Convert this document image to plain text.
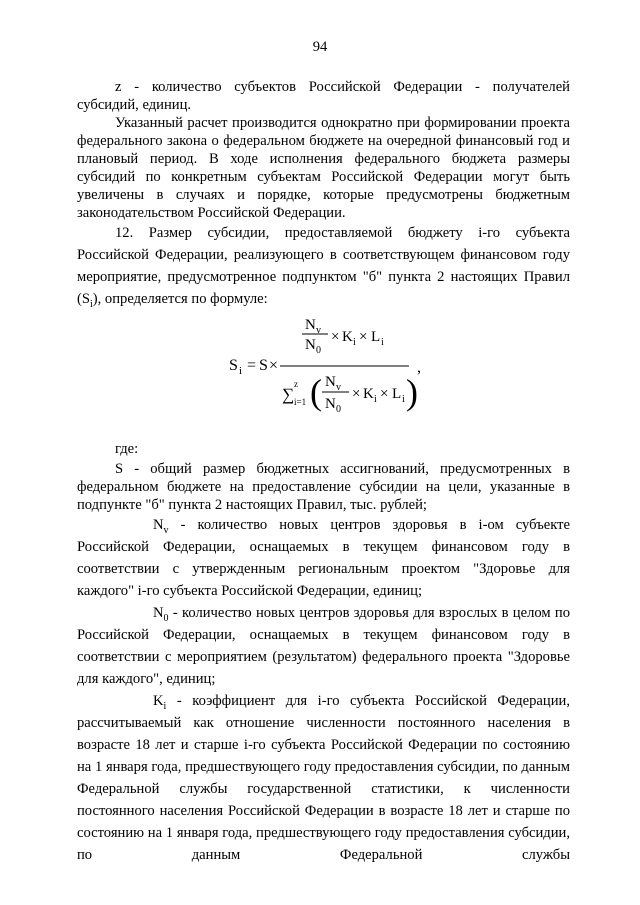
94

z - количество субъектов Российской Федерации - получателей субсидий, единиц.

Указанный расчет производится однократно при формировании проекта федерального закона о федеральном бюджете на очередной финансовый год и плановый период. В ходе исполнения федерального бюджета размеры субсидий по конкретным субъектам Российской Федерации могут быть увеличены в случаях и порядке, которые предусмотрены бюджетным законодательством Российской Федерации.

12. Размер субсидии, предоставляемой бюджету i-го субъекта Российской Федерации, реализующего в соответствующем финансовом году мероприятие, предусмотренное подпунктом "б" пункта 2 настоящих Правил $(S_i)$, определяется по формуле:

S i = S ×
N v
N 0
× K i × L i
∑
z
i=1 ( N v
N 0
× K i × L i )
,

где:

S - общий размер бюджетных ассигнований, предусмотренных в федеральном бюджете на предоставление субсидии на цели, указанные в подпункте "б" пункта 2 настоящих Правил, тыс. рублей;

$N_v$ - количество новых центров здоровья в i-ом субъекте Российской Федерации, оснащаемых в текущем финансовом году в соответствии с утвержденным региональным проектом "Здоровье для каждого" i-го субъекта Российской Федерации, единиц;

$N_0$ - количество новых центров здоровья для взрослых в целом по Российской Федерации, оснащаемых в текущем финансовом году в соответствии с мероприятием (результатом) федерального проекта "Здоровье для каждого", единиц;

$K_i$ - коэффициент для i-го субъекта Российской Федерации, рассчитываемый как отношение численности постоянного населения в возрасте 18 лет и старше i-го субъекта Российской Федерации по состоянию на 1 января года, предшествующего году предоставления субсидии, по данным Федеральной службы государственной статистики, к численности постоянного населения Российской Федерации в возрасте 18 лет и старше по состоянию на 1 января года, предшествующего году предоставления субсидии, по данным Федеральной службы
